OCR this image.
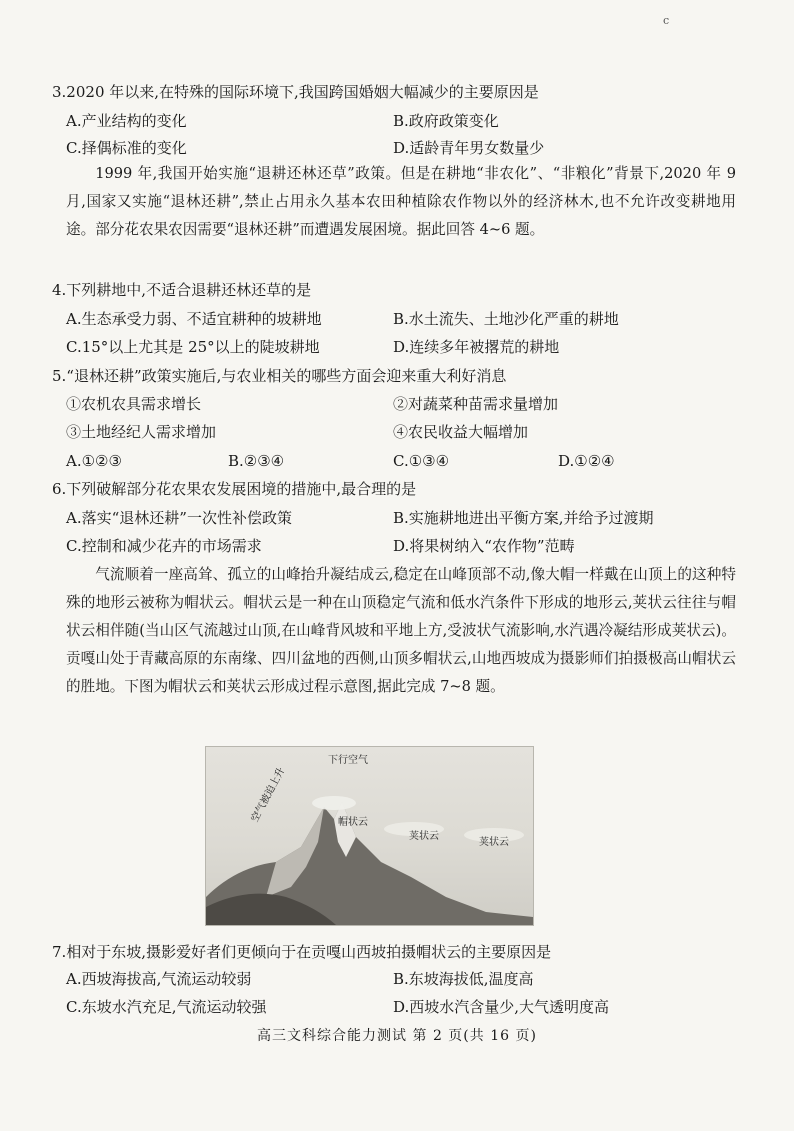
c
3.2020 年以来,在特殊的国际环境下,我国跨国婚姻大幅减少的主要原因是
A.产业结构的变化	B.政府政策变化
C.择偶标准的变化	D.适龄青年男女数量少
1999 年,我国开始实施“退耕还林还草”政策。但是在耕地“非农化”、“非粮化”背景下,2020 年 9 月,国家又实施“退林还耕”,禁止占用永久基本农田种植除农作物以外的经济林木,也不允许改变耕地用途。部分花农果农因需要“退林还耕”而遭遇发展困境。据此回答 4~6 题。
4.下列耕地中,不适合退耕还林还草的是
A.生态承受力弱、不适宜耕种的坡耕地	B.水土流失、土地沙化严重的耕地
C.15°以上尤其是 25°以上的陡坡耕地	D.连续多年被撂荒的耕地
5.“退林还耕”政策实施后,与农业相关的哪些方面会迎来重大利好消息
①农机农具需求增长	②对蔬菜种苗需求量增加
③土地经纪人需求增加	④农民收益大幅增加
A.①②③	B.②③④	C.①③④	D.①②④
6.下列破解部分花农果农发展困境的措施中,最合理的是
A.落实“退林还耕”一次性补偿政策	B.实施耕地进出平衡方案,并给予过渡期
C.控制和减少花卉的市场需求	D.将果树纳入“农作物”范畴
气流顺着一座高耸、孤立的山峰抬升凝结成云,稳定在山峰顶部不动,像大帽一样戴在山顶上的这种特殊的地形云被称为帽状云。帽状云是一种在山顶稳定气流和低水汽条件下形成的地形云,荚状云往往与帽状云相伴随(当山区气流越过山顶,在山峰背风坡和平地上方,受波状气流影响,水汽遇冷凝结形成荚状云)。贡嘎山处于青藏高原的东南缘、四川盆地的西侧,山顶多帽状云,山地西坡成为摄影师们拍摄极高山帽状云的胜地。下图为帽状云和荚状云形成过程示意图,据此完成 7~8 题。
下行空气
空气被迫上升	帽状云
荚状云
荚状云
7.相对于东坡,摄影爱好者们更倾向于在贡嘎山西坡拍摄帽状云的主要原因是
A.西坡海拔高,气流运动较弱	B.东坡海拔低,温度高
C.东坡水汽充足,气流运动较强	D.西坡水汽含量少,大气透明度高
高三文科综合能力测试 第 2 页(共 16 页)
